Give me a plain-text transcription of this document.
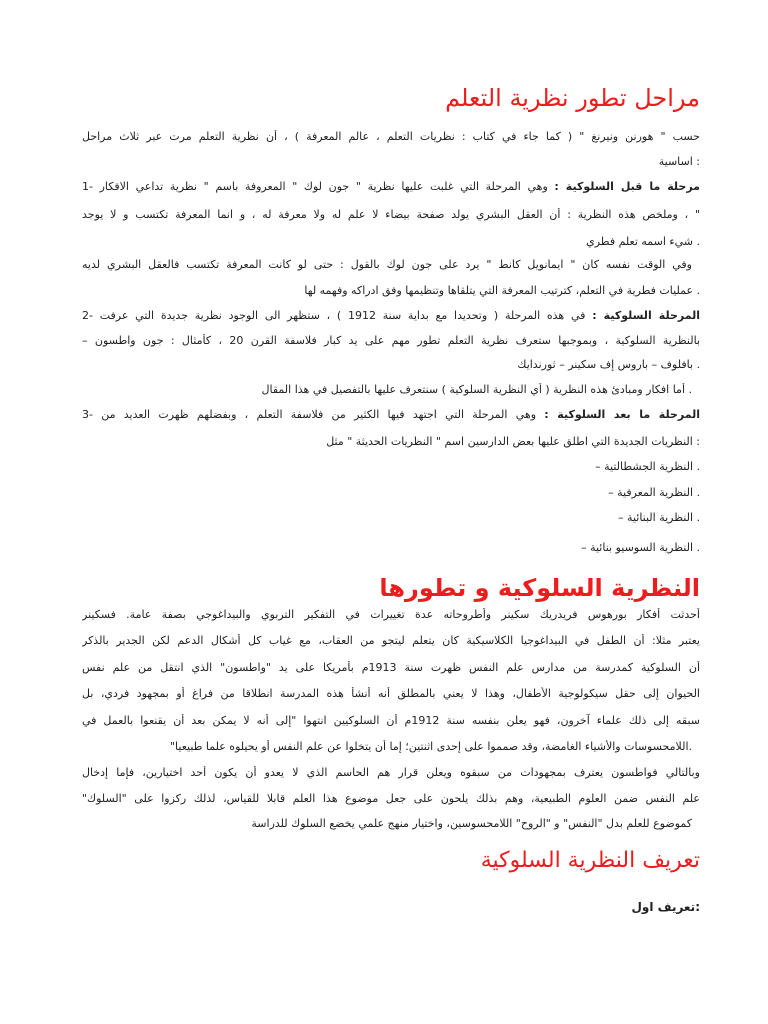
مراحل تطور نظرية التعلم
حسب " هورنن ونيرنغ " ( كما جاء في كتاب : نظريات التعلم ، عالم المعرفة ) ، أن نظرية التعلم مرت عبر ثلاث مراحل
: اساسية
مرحلة ما قبل السلوكية : وهي المرحلة التي غلبت عليها نظرية " جون لوك " المعروفة باسم " نظرية تداعي الافكار -1
" ، وملخص هذه النظرية : أن العقل البشري يولد صفحة بيضاء لا علم له ولا معرفة له ، و انما المعرفة تكتسب و لا يوجد
. شيء اسمه تعلم فطري
وفي الوقت نفسه كان " ايمانويل كانط " يرد على جون لوك بالقول : حتى لو كانت المعرفة تكتسب فالعقل البشري لديه
. عمليات فطرية في التعلم، كترتيب المعرفة التي يتلقاها وتنظيمها وفق ادراكه وفهمه لها
المرحلة السلوكية : في هذه المرحلة ( وتحديدا مع بداية سنة 1912 ) ، ستظهر الى الوجود نظرية جديدة التي عرفت -2
بالنظرية السلوكية ، وبموجبها ستعرف نظرية التعلم تطور مهم على يد كبار فلاسفة القرن 20 ، كأمثال : جون واطسون –
. بافلوف – باروس إف سكينر – ثورندايك
. أما افكار ومبادئ هذه النظرية ( أي النظرية السلوكية ) سنتعرف عليها بالتفصيل في هذا المقال
المرحلة ما بعد السلوكية : وهي المرحلة التي اجتهد فيها الكثير من فلاسفة التعلم ، وبفضلهم ظهرت العديد من -3
: النظريات الجديدة التي اطلق عليها بعض الدارسين اسم " النظريات الحديثة " مثل
. النظرية الجشطالتية –
. النظرية المعرفية –
. النظرية البنائية –
. النظرية السوسيو بنائية –
النظرية السلوكية و تطورها
أحدثت أفكار بورهوس فريدريك سكينر وأطروحاته عدة تغييرات في التفكير التربوي والبيداغوجي بصفة عامة. فسكينر
يعتبر مثلا: أن الطفل في البيداغوجيا الكلاسيكية كان يتعلم ليتجو من العقاب، مع غياب كل أشكال الدعم لكن الجدير بالذكر
أن السلوكية كمدرسة من مدارس علم النفس ظهرت سنة 1913م بأمريكا على يد "واطسون" الذي انتقل من علم نفس
الحيوان إلى حقل سيكولوجية الأطفال، وهذا لا يعني بالمطلق أنه أنشأ هذه المدرسة انطلاقا من فراغ أو بمجهود فردي، بل
سبقه إلى ذلك علماء آخرون، فهو يعلن بنفسه سنة 1912م أن السلوكيين انتهوا "إلى أنه لا يمكن بعد أن يقنعوا بالعمل في
.اللامحسوسات والأشياء الغامضة، وقد صمموا على إحدى اثنتين؛ إما أن يتخلوا عن علم النفس أو يحيلوه علما طبيعيا"
وبالتالي فواطسون يعترف بمجهودات من سبقوه ويعلن قرار هم الحاسم الذي لا يعدو أن يكون أحد اختيارين، فإما إدخال
علم النفس ضمن العلوم الطبيعية، وهم بذلك يلحون على جعل موضوع هذا العلم قابلا للقياس، لذلك ركزوا على "السلوك"
كموضوع للعلم بدل "النفس" و "الروح" اللامحسوسين، واختيار منهج علمي يخضع السلوك للدراسة
تعريف النظرية السلوكية
:تعريف اول
